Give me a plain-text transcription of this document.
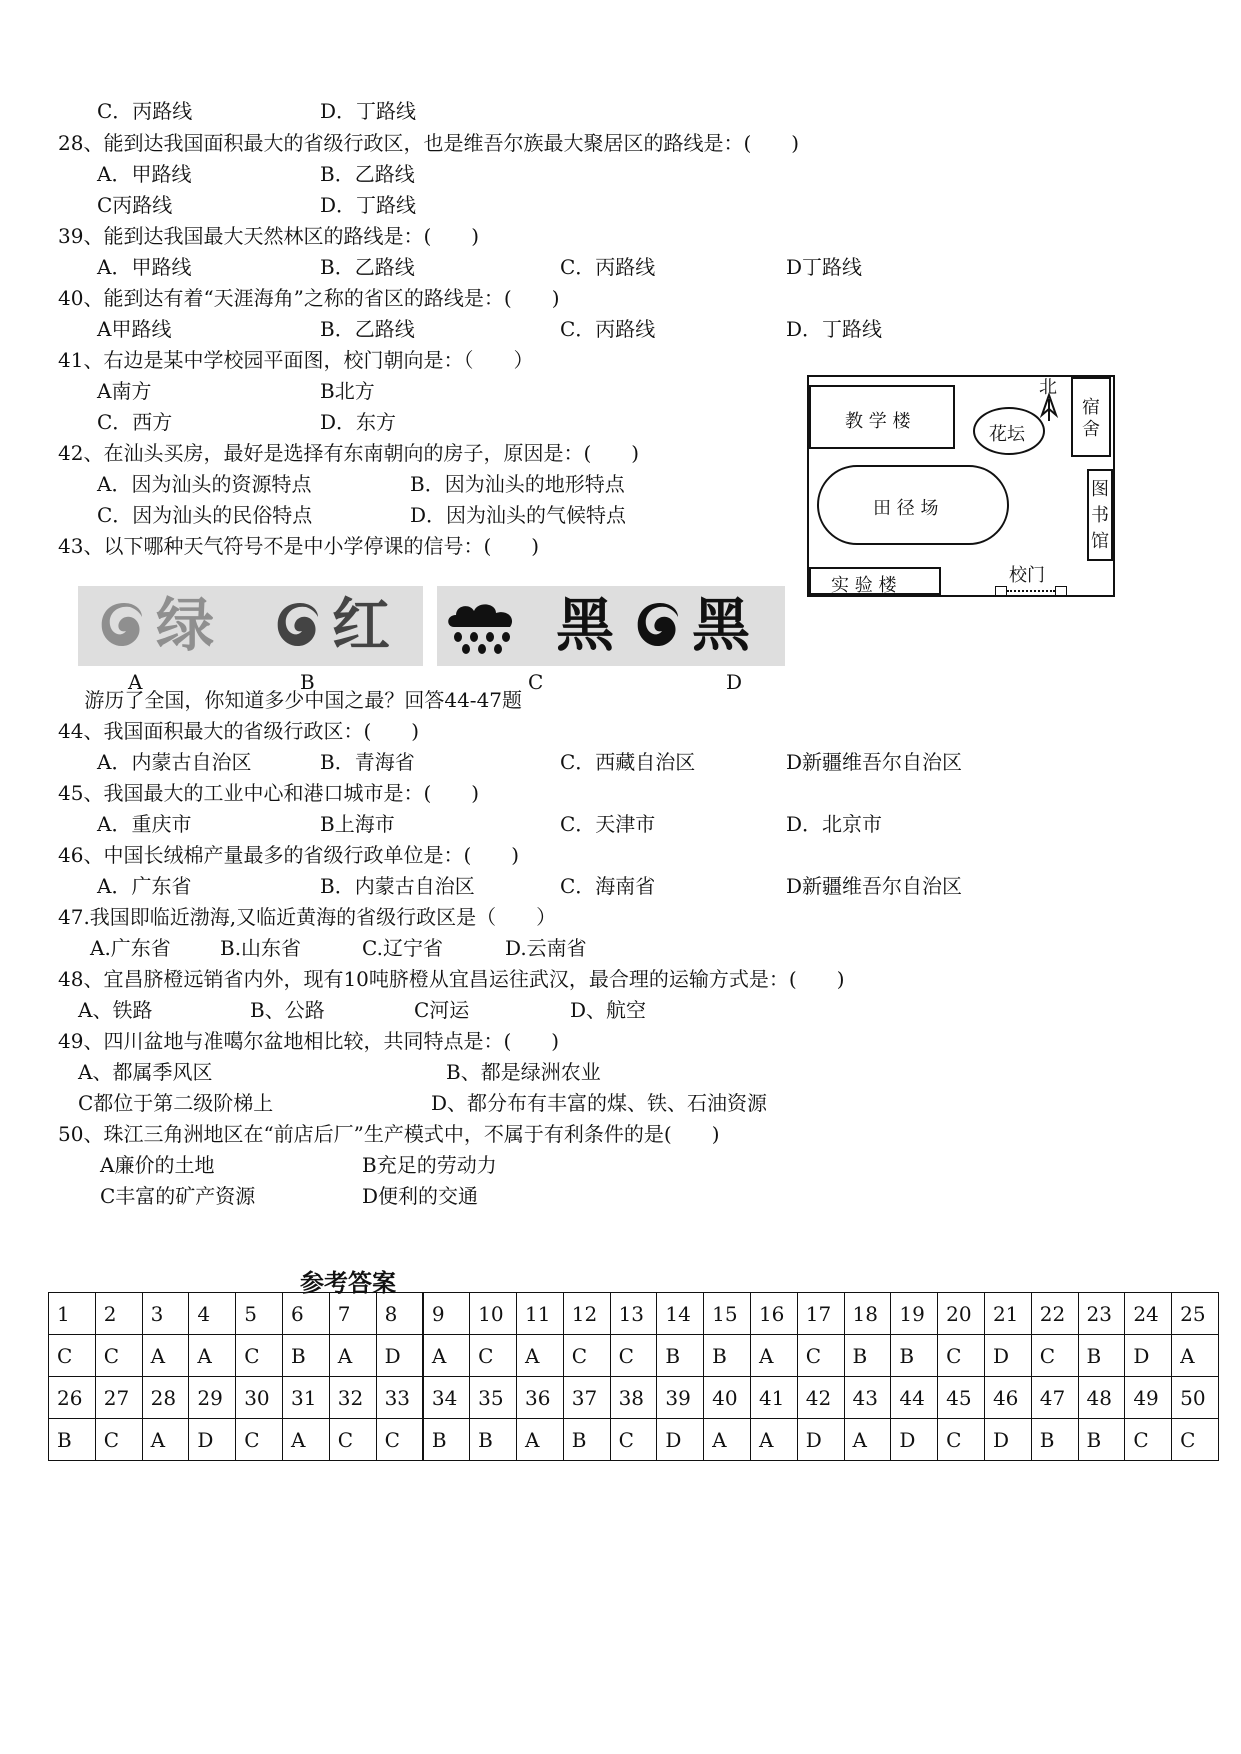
C．丙路线	D．丁路线
28、能到达我国面积最大的省级行政区，也是维吾尔族最大聚居区的路线是：(　　)
A．甲路线	B．乙路线
C丙路线	D．丁路线
39、能到达我国最大天然林区的路线是：(　　)
A．甲路线	B．乙路线	C．丙路线	D丁路线
40、能到达有着“天涯海角”之称的省区的路线是：(　　)
A甲路线	B．乙路线	C．丙路线	D．丁路线
41、右边是某中学校园平面图，校门朝向是：（　　）
A南方	B北方
C．西方	D．东方
42、在汕头买房，最好是选择有东南朝向的房子，原因是：(　　)
A．因为汕头的资源特点	B．因为汕头的地形特点
C．因为汕头的民俗特点	D．因为汕头的气候特点
43、以下哪种天气符号不是中小学停课的信号：(　　)
　 游历了全国，你知道多少中国之最？回答44-47题
44、我国面积最大的省级行政区：(　　)
A．内蒙古自治区	B．青海省	C．西藏自治区	D新疆维吾尔自治区
45、我国最大的工业中心和港口城市是：(　　)
A．重庆市	B上海市	C．天津市	D．北京市
46、中国长绒棉产量最多的省级行政单位是：(　　)
A．广东省	B．内蒙古自治区	C．海南省	D新疆维吾尔自治区
47.我国即临近渤海,又临近黄海的省级行政区是（　　）
A.广东省 B.山东省	C.辽宁省	D.云南省
48、宜昌脐橙远销省内外，现有10吨脐橙从宜昌运往武汉，最合理的运输方式是：(　　)
A、铁路	B、公路	C河运	D、航空
49、四川盆地与准噶尔盆地相比较，共同特点是：(　　)
A、都属季风区	B、都是绿洲农业
C都位于第二级阶梯上	D、都分布有丰富的煤、铁、石油资源
50、珠江三角洲地区在“前店后厂”生产模式中，不属于有利条件的是(　　)
A廉价的土地	B充足的劳动力
C丰富的矿产资源	D便利的交通
教 学 楼
北
花坛
宿舍
田 径 场
图书馆
实 验 楼	校门
绿
A
红
B
黑
C
黑
D
参考答案
1	2	3	4	5	6	7	8	9	10	11	12	13	14	15	16	17	18	19	20	21	22	23	24	25
C	C	A	A	C	B	A	D	A	C	A	C	C	B	B	A	C	B	B	C	D	C	B	D	A
26	27	28	29	30	31	32	33	34	35	36	37	38	39	40	41	42	43	44	45	46	47	48	49	50
B	C	A	D	C	A	C	C	B	B	A	B	C	D	A	A	D	A	D	C	D	B	B	C	C
